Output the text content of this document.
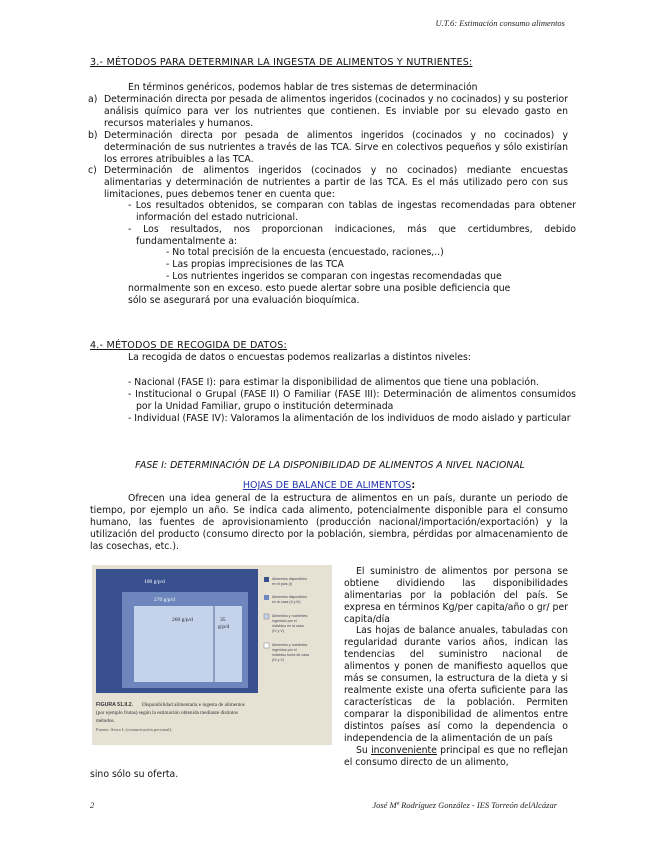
U.T.6: Estimación consumo alimentos
3.- MÉTODOS PARA DETERMINAR LA INGESTA DE ALIMENTOS Y NUTRIENTES:
En términos genéricos, podemos hablar de tres sistemas de determinación
a) Determinación directa por pesada de alimentos ingeridos (cocinados y no cocinados) y su posterior análisis químico para ver los nutrientes que contienen. Es inviable por su elevado gasto en recursos materiales y humanos.
b) Determinación directa por pesada de alimentos ingeridos (cocinados y no cocinados) y determinación de sus nutrientes a través de las TCA. Sirve en colectivos pequeños y sólo existirían los errores atribuibles a las TCA.
c) Determinación de alimentos ingeridos (cocinados y no cocinados) mediante encuestas alimentarias y determinación de nutrientes a partir de las TCA. Es el más utilizado pero con sus limitaciones, pues debemos tener en cuenta que:
- Los resultados obtenidos, se comparan con tablas de ingestas recomendadas para obtener información del estado nutricional.
- Los resultados, nos proporcionan indicaciones, más que certidumbres, debido fundamentalmente a:
- No total precisión de la encuesta (encuestado, raciones,..)
- Las propias imprecisiones de las TCA
- Los nutrientes ingeridos se comparan con ingestas recomendadas que
normalmente son en exceso. esto puede alertar sobre una posible deficiencia que
sólo se asegurará por una evaluación bioquímica.
4.- MÉTODOS DE RECOGIDA DE DATOS:
La recogida de datos o encuestas podemos realizarlas a distintos niveles:
- Nacional (FASE I): para estimar la disponibilidad de alimentos que tiene una población.
- Institucional o Grupal (FASE II) O Familiar (FASE III): Determinación de alimentos consumidos por la Unidad Familiar, grupo o institución determinada
- Individual (FASE IV): Valoramos la alimentación de los individuos de modo aislado y particular
FASE I: DETERMINACIÓN DE LA DISPONIBILIDAD DE ALIMENTOS A NIVEL NACIONAL
HOJAS DE BALANCE DE ALIMENTOS:
Ofrecen una idea general de la estructura de alimentos en un país, durante un periodo de tiempo, por ejemplo un año. Se indica cada alimento, potencialmente disponible para el consumo humano, las fuentes de aprovisionamiento (producción nacional/importación/exportación) y la utilización del producto (consumo directo por la población, siembra, pérdidas por almacenamiento de las cosechas, etc.).
100 g/p/d
270 g/p/d
260 g/p/d	35
g/p/d
Alimentos disponibles
en el país (I)
Alimentos disponibles
en la casa (II y III)
Alimentos y nutrientes
ingeridos por el
individuo en la casa
(IV y V)
Alimentos y nutrientes
ingeridos por el
individuo fuera de casa
(IV y V)
FIGURA 51.II.2. Disponibilidad alimentaria e ingesta de alimentos
(por ejemplo frutas) según la estimación obtenida mediante distintos
métodos.
Fuente: Serra L (comunicación personal).
El suministro de alimentos por persona se obtiene dividiendo las disponibilidades alimentarias por la población del país. Se expresa en términos Kg/per capita/año o gr/ per capita/día
Las hojas de balance anuales, tabuladas con regularidad durante varios años, indican las tendencias del suministro nacional de alimentos y ponen de manifiesto aquellos que más se consumen, la estructura de la dieta y si realmente existe una oferta suficiente para las características de la población. Permiten comparar la disponibilidad de alimentos entre distintos países así como la dependencia o independencia de la alimentación de un país
Su inconveniente principal es que no reflejan el consumo directo de un alimento,
sino sólo su oferta.
2	José Mª Rodríguez González - IES Torreón delAlcázar
